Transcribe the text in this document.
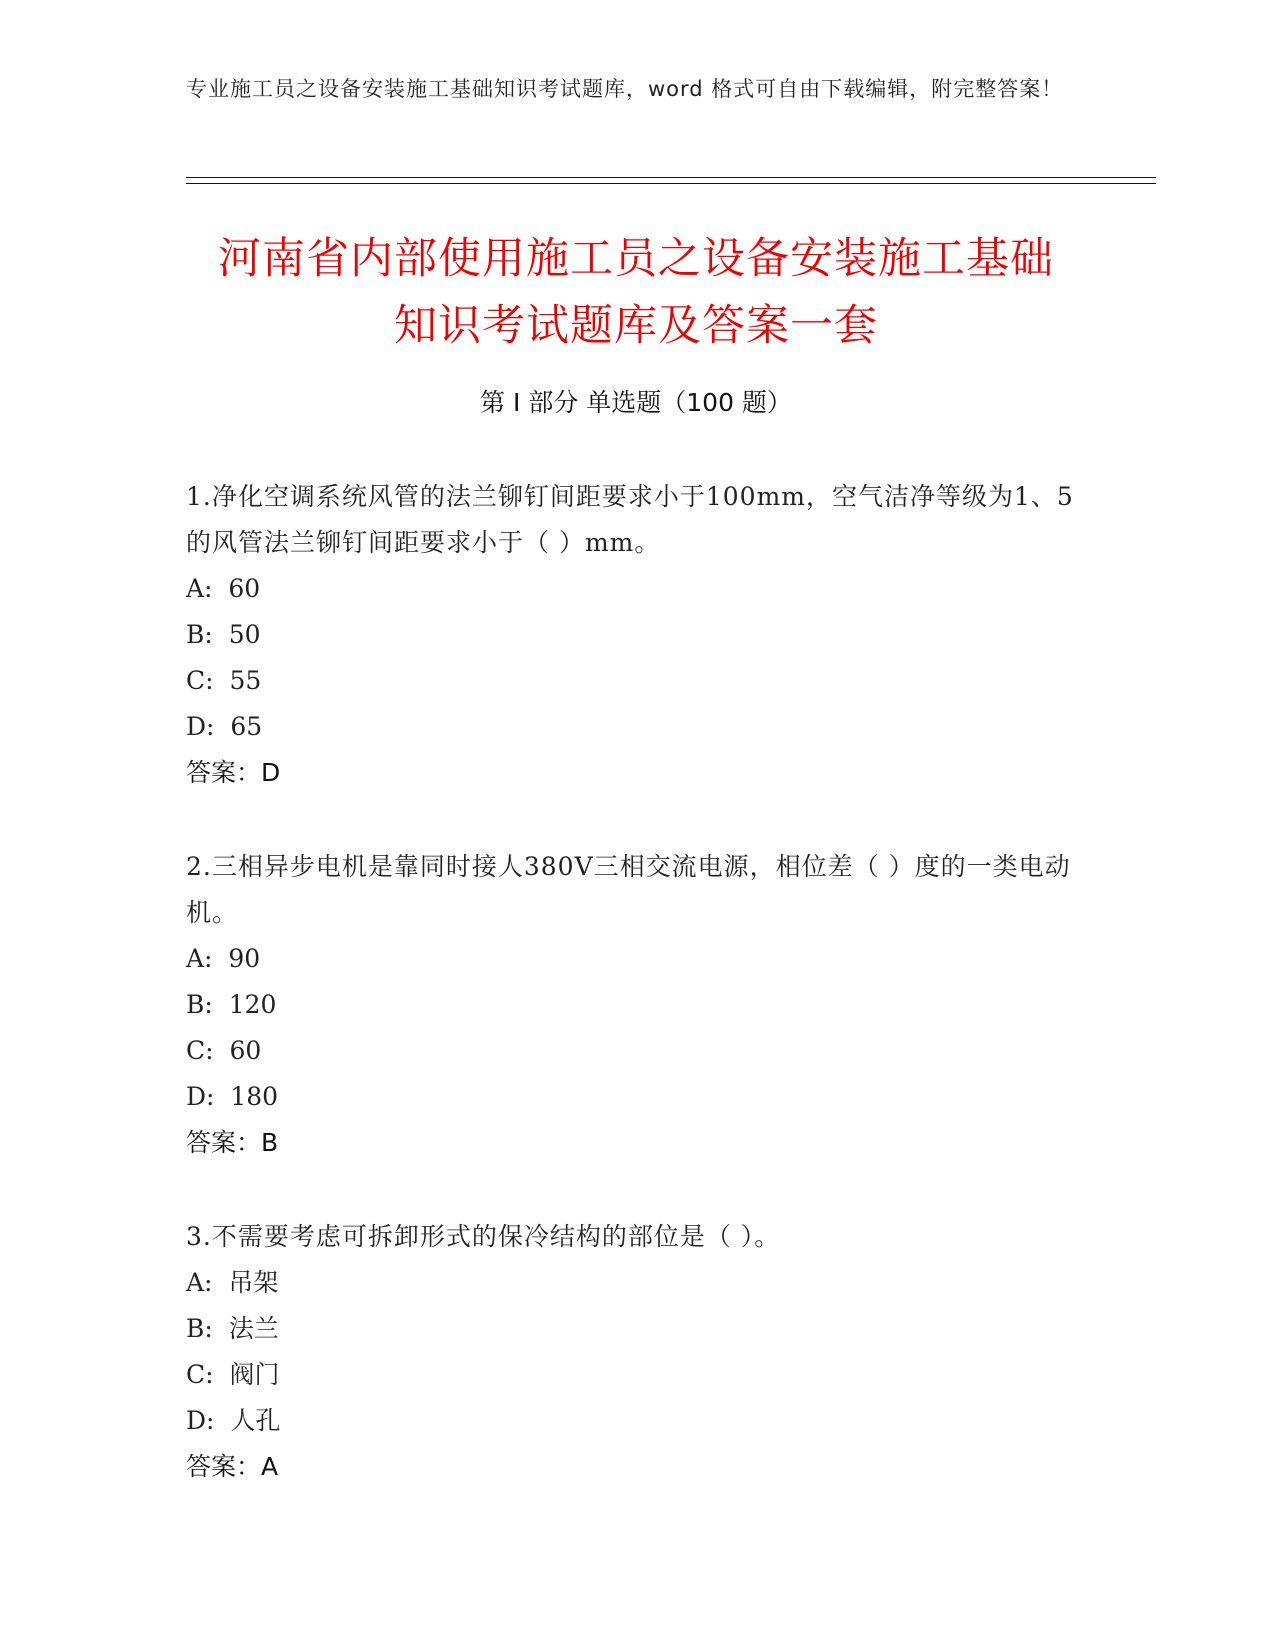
专业施工员之设备安装施工基础知识考试题库，word 格式可自由下载编辑，附完整答案！
河南省内部使用施工员之设备安装施工基础
知识考试题库及答案一套
第 I 部分 单选题（100 题）
1.净化空调系统风管的法兰铆钉间距要求小于100mm，空气洁净等级为1、5的风管法兰铆钉间距要求小于（ ）mm。
A:  60
B:  50
C:  55
D:  65
答案：D
2.三相异步电机是靠同时接人380V三相交流电源，相位差（ ）度的一类电动机。
A:  90
B:  120
C:  60
D:  180
答案：B
3.不需要考虑可拆卸形式的保冷结构的部位是（ ）。
A:  吊架
B:  法兰
C:  阀门
D:  人孔
答案：A
